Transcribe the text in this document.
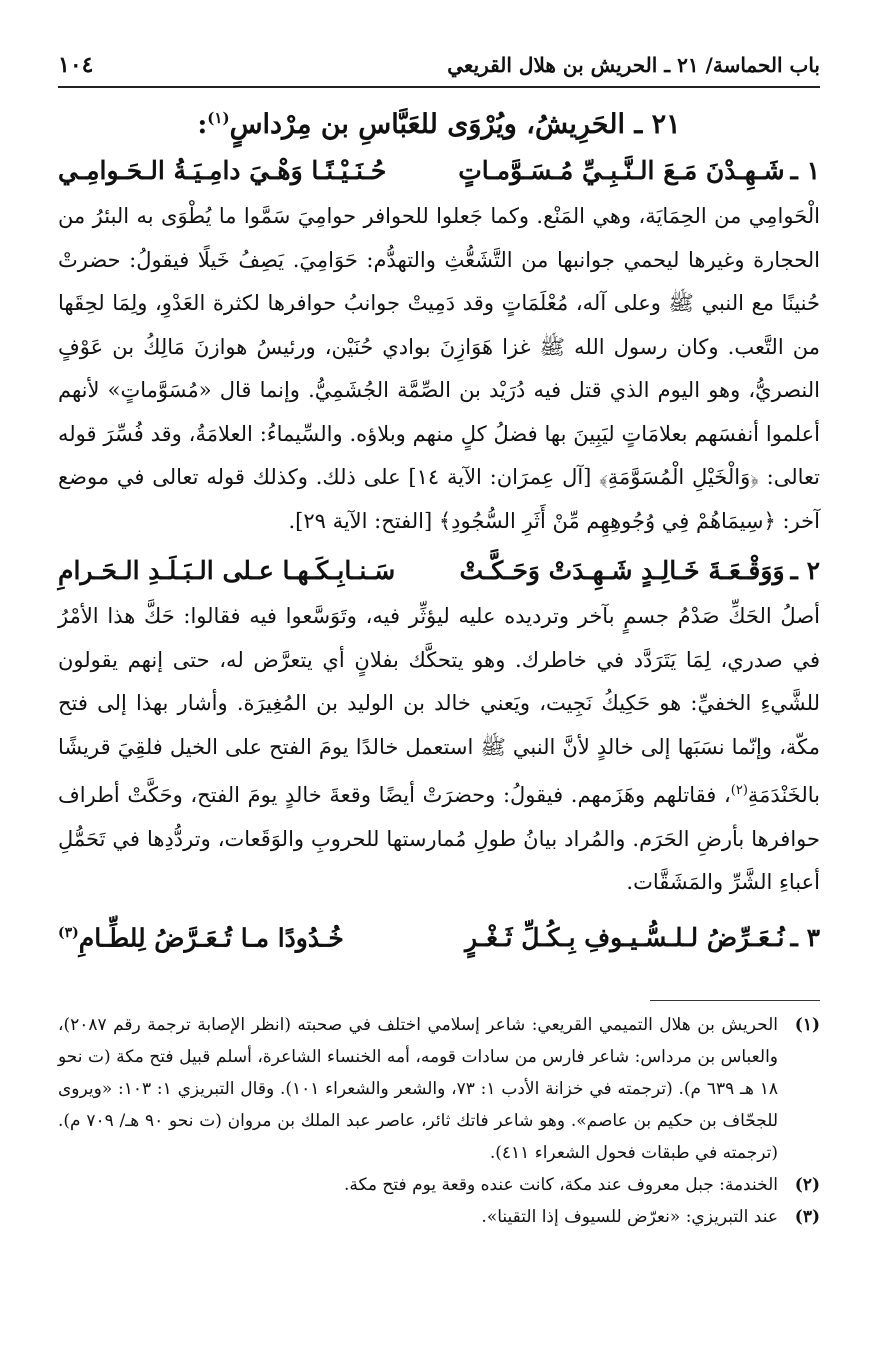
باب الحماسة/ ٢١ ـ الحريش بن هلال القريعي
١٠٤
٢١ ـ الحَرِيشُ، ويُرْوَى للعَبَّاسِ بن مِرْداسٍ$^{(١)}$:
١ ـ
شَـهِـدْنَ مَـعَ الـنَّـبِـيِّ مُـسَـوَّمـاتٍ
حُـنَـيْـنًـا وَهْـيَ دامِـيَـةُ الـحَـوامِـي
الْحَوامِي من الحِمَايَة، وهي المَنْع. وكما جَعلوا للحوافر حوامِيَ سَمَّوا ما يُطْوَى به البئرُ من الحجارة وغيرها ليحمي جوانبها من التَّشَعُّثِ والتهدُّم: حَوَامِيَ. يَصِفُ خَيلًا فيقولُ: حضرتْ حُنينًا مع النبي ﷺ وعلى آله، مُعْلَمَاتٍ وقد دَمِيتْ جوانبُ حوافرها لكثرة العَدْوِ، ولِمَا لحِقَها من التَّعب. وكان رسول الله ﷺ غزا هَوَازِنَ بوادي حُنَيْن، ورئيسُ هوازنَ مَالِكُ بن عَوْفٍ النصريُّ، وهو اليوم الذي قتل فيه دُرَيْد بن الصِّمَّة الجُشَمِيُّ. وإنما قال «مُسَوَّماتٍ» لأنهم أعلموا أنفسَهم بعلامَاتٍ ليَبِينَ بها فضلُ كلٍ منهم وبلاؤه. والسِّيماءُ: العلامَةُ، وقد فُسِّرَ قوله تعالى: ﴿وَالْخَيْلِ الْمُسَوَّمَةِ﴾ [آل عِمرَان: الآية ١٤] على ذلك. وكذلك قوله تعالى في موضع آخر: ﴿سِيمَاهُمْ فِي وُجُوهِهِم مِّنْ أَثَرِ السُّجُودِ﴾ [الفتح: الآية ٢٩].
٢ ـ
وَوَقْـعَـةَ خَـالِـدٍ شَـهِـدَتْ وَحَـكَّـتْ
سَـنـابِـكَـهـا عـلى الـبَـلَـدِ الـحَـرامِ
أصلُ الحَكِّ صَدْمُ جسمٍ بآخر وترديده عليه ليؤثِّر فيه، وتَوَسَّعوا فيه فقالوا: حَكَّ هذا الأمْرُ في صدري، لِمَا يَتَرَدَّد في خاطرك. وهو يتحكَّك بفلانٍ أي يتعرَّض له، حتى إنهم يقولون للشَّيءِ الخفيِّ: هو حَكِيكُ نَجِيت، ويَعني خالد بن الوليد بن المُغِيرَة. وأشار بهذا إلى فتح مكّة، وإنّما نسَبَها إلى خالدٍ لأنَّ النبي ﷺ استعمل خالدًا يومَ الفتح على الخيل فلقِيَ قريشًا بالخَنْدَمَةِ$^{(٢)}$، فقاتلهم وهَزَمهم. فيقولُ: وحضرَتْ أيضًا وقعةَ خالدٍ يومَ الفتح، وحَكَّتْ أطراف حوافرها بأرضِ الحَرَم. والمُراد بيانُ طولِ مُمارستها للحروبِ والوَقَعات، وتردُّدِها في تَحَمُّلِ أعباءِ الشَّرِّ والمَشَقَّات.
٣ ـ
نُـعَـرِّضُ لـلـسُّـيـوفِ بِـكُـلِّ ثَـغْـرٍ
خُـدُودًا مـا تُـعَـرَّضُ لِلطِّـامِ$^{(٣)}$
(١)
الحريش بن هلال التميمي القريعي: شاعر إسلامي اختلف في صحبته (انظر الإصابة ترجمة رقم ٢٠٨٧)، والعباس بن مرداس: شاعر فارس من سادات قومه، أمه الخنساء الشاعرة، أسلم قبيل فتح مكة (ت نحو ١٨ هـ ٦٣٩ م). (ترجمته في خزانة الأدب ١: ٧٣، والشعر والشعراء ١٠١). وقال التبريزي ١: ١٠٣: «ويروى للجحّاف بن حكيم بن عاصم». وهو شاعر فاتك ثائر، عاصر عبد الملك بن مروان (ت نحو ٩٠ هـ/ ٧٠٩ م). (ترجمته في طبقات فحول الشعراء ٤١١).
(٢)
الخندمة: جبل معروف عند مكة، كانت عنده وقعة يوم فتح مكة.
(٣)
عند التبريزي: «نعرّض للسيوف إذا التقينا».
